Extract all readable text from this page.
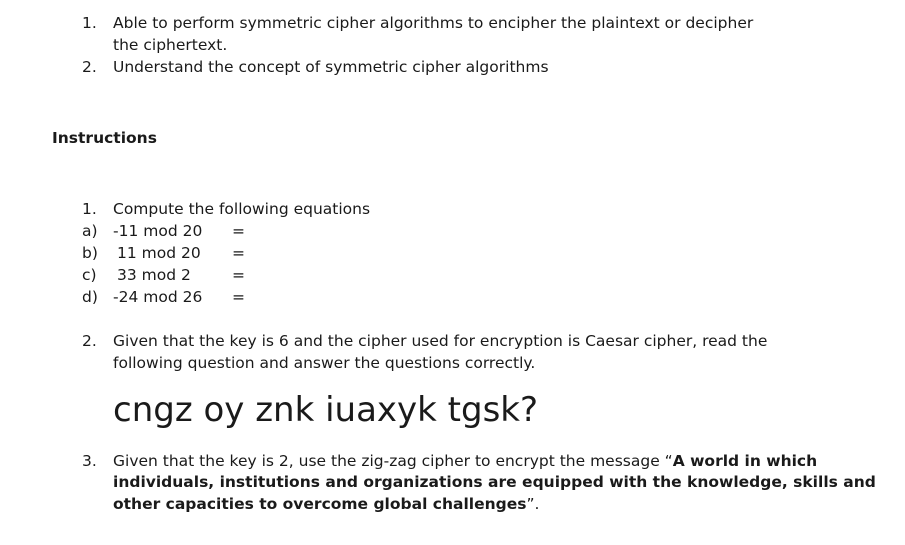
1. Able to perform symmetric cipher algorithms to encipher the plaintext or decipher
the ciphertext.
2. Understand the concept of symmetric cipher algorithms
Instructions
1. Compute the following equations
a) -11 mod 20 =
b) 11 mod 20 =
c) 33 mod 2	=
d) -24 mod 26 =
2. Given that the key is 6 and the cipher used for encryption is Caesar cipher, read the
following question and answer the questions correctly.
cngz oy znk iuaxyk tgsk?
3. Given that the key is 2, use the zig-zag cipher to encrypt the message “A world in which
individuals, institutions and organizations are equipped with the knowledge, skills and
other capacities to overcome global challenges”.
